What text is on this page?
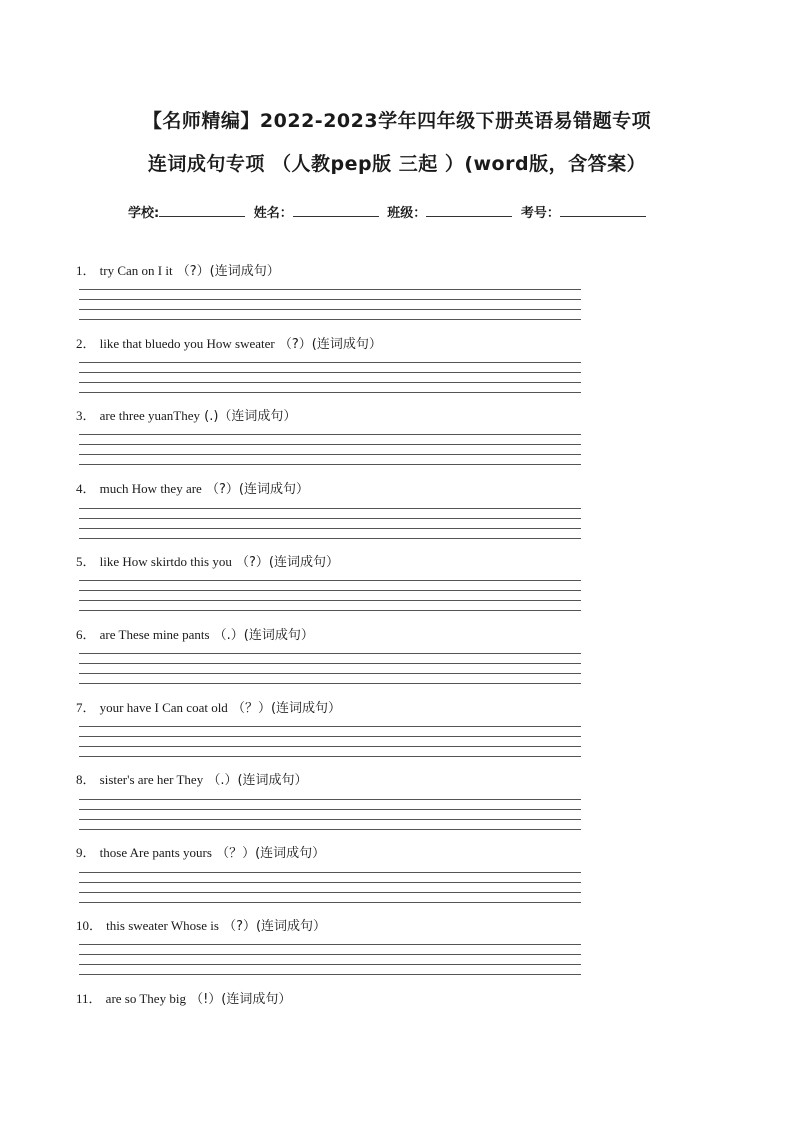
【名师精编】2022-2023学年四年级下册英语易错题专项
连词成句专项 （人教pep版 三起 ）(word版，含答案）
学校:	姓名：	班级：	考号：
1． try Can on I it （?）(连词成句）
2． like that bluedo you How sweater （?）(连词成句）
3． are three yuanThey (.)（连词成句）
4． much How they are （?）(连词成句）
5． like How skirtdo this you （?）(连词成句）
6． are These mine pants （.）(连词成句）
7． your have I Can coat old （？）(连词成句）
8． sister's are her They （.）(连词成句）
9． those Are pants yours （？）(连词成句）
10． this sweater Whose is （?）(连词成句）
11． are so They big （!）(连词成句）
